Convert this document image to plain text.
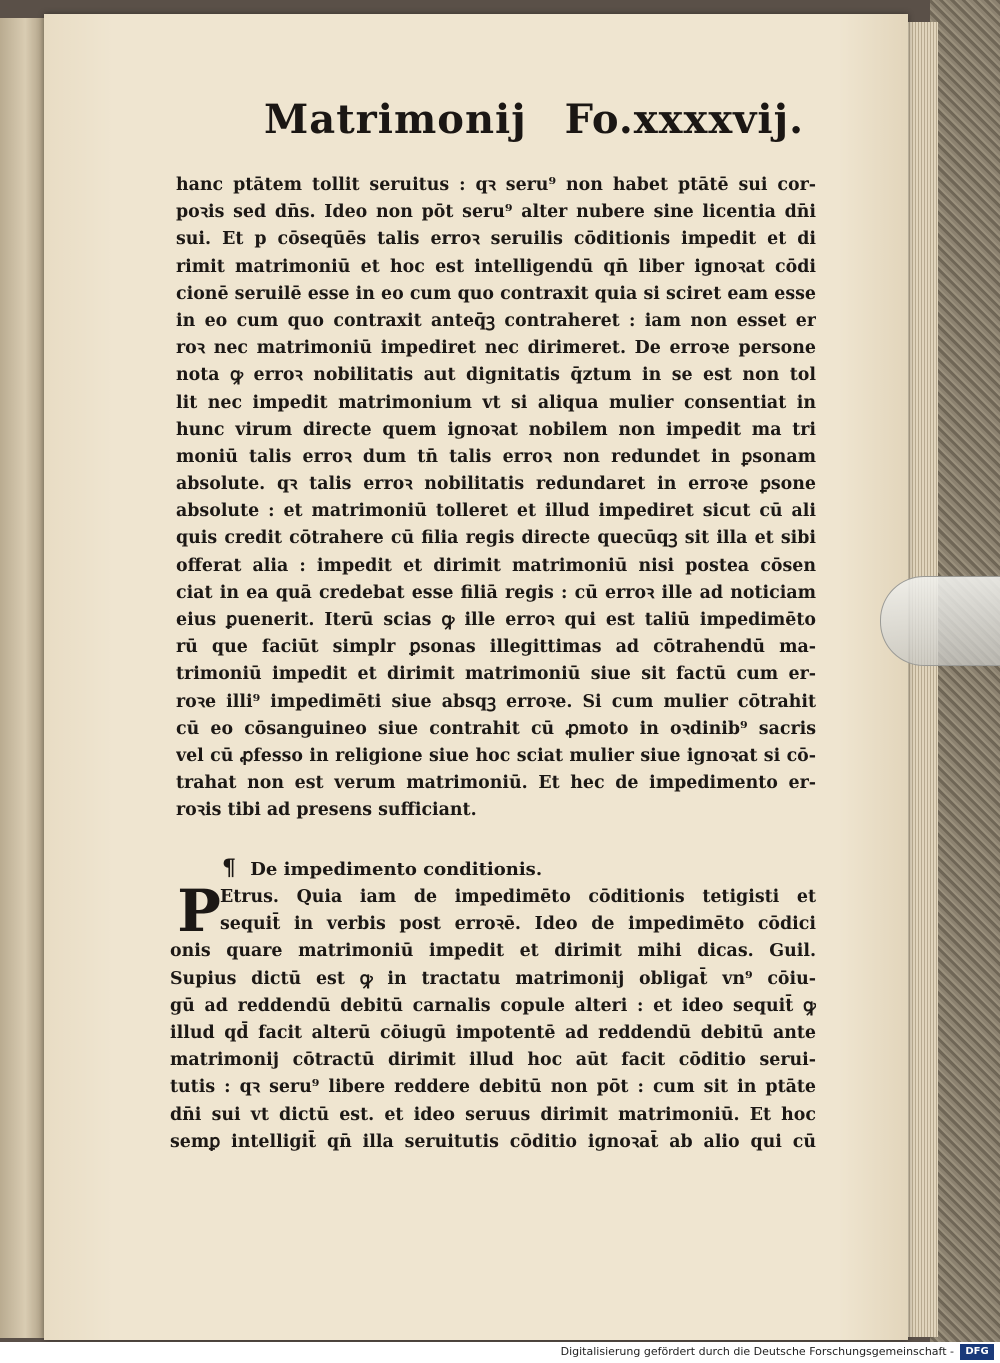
Matrimonij Fo.xxxxvij.
hanc ptātem tollit seruitus : qꝛ seru⁹ non habet ptātē sui cor-
poꝛis sed dn̄s. Ideo non pōt seru⁹ alter nubere sine licentia dn̄i
sui. Et p cōseqūēs talis erroꝛ seruilis cōditionis impedit et di
rimit matrimoniū et hoc est intelligendū qn̄ liber ignoꝛat cōdi
cionē seruilē esse in eo cum quo contraxit quia si sciret eam esse
in eo cum quo contraxit anteq̄ꝫ contraheret : iam non esset er
roꝛ nec matrimoniū impediret nec dirimeret. De erroꝛe persone
nota ꝙ erroꝛ nobilitatis aut dignitatis q̄ztum in se est non tol
lit nec impedit matrimonium vt si aliqua mulier consentiat in
hunc virum directe quem ignoꝛat nobilem non impedit ma tri
moniū talis erroꝛ dum tn̄ talis erroꝛ non redundet in ꝑsonam
absolute. qꝛ talis erroꝛ nobilitatis redundaret in erroꝛe ꝑsone
absolute : et matrimoniū tolleret et illud impediret sicut cū ali
quis credit cōtrahere cū filia regis directe quecūqꝫ sit illa et sibi
offerat alia : impedit et dirimit matrimoniū nisi postea cōsen
ciat in ea quā credebat esse filiā regis : cū erroꝛ ille ad noticiam
eius ꝑuenerit. Iterū scias ꝙ ille erroꝛ qui est taliū impedimēto
rū que faciūt simplr ꝑsonas illegittimas ad cōtrahendū ma-
trimoniū impedit et dirimit matrimoniū siue sit factū cum er-
roꝛe illi⁹ impedimēti siue absqꝫ erroꝛe. Si cum mulier cōtrahit
cū eo cōsanguineo siue contrahit cū ꝓmoto in oꝛdinib⁹ sacris
vel cū ꝓfesso in religione siue hoc sciat mulier siue ignoꝛat si cō-
trahat non est verum matrimoniū. Et hec de impedimento er-
roꝛis tibi ad presens sufficiant.
¶ De impedimento conditionis.
P Etrus. Quia iam de impedimēto cōditionis tetigisti et
sequit̄ in verbis post erroꝛē. Ideo de impedimēto cōdici
onis quare matrimoniū impedit et dirimit mihi dicas. Guil.
Supius dictū est ꝙ in tractatu matrimonij obligat̄ vn⁹ cōiu-
gū ad reddendū debitū carnalis copule alteri : et ideo sequit̄ ꝙ
illud qd̄ facit alterū cōiugū impotentē ad reddendū debitū ante
matrimonij cōtractū dirimit illud hoc aūt facit cōditio serui-
tutis : qꝛ seru⁹ libere reddere debitū non pōt : cum sit in ptāte
dn̄i sui vt dictū est. et ideo seruus dirimit matrimoniū. Et hoc
semꝑ intelligit̄ qn̄ illa seruitutis cōditio ignoꝛat̄ ab alio qui cū
Digitalisierung gefördert durch die Deutsche Forschungsgemeinschaft -	DFG
